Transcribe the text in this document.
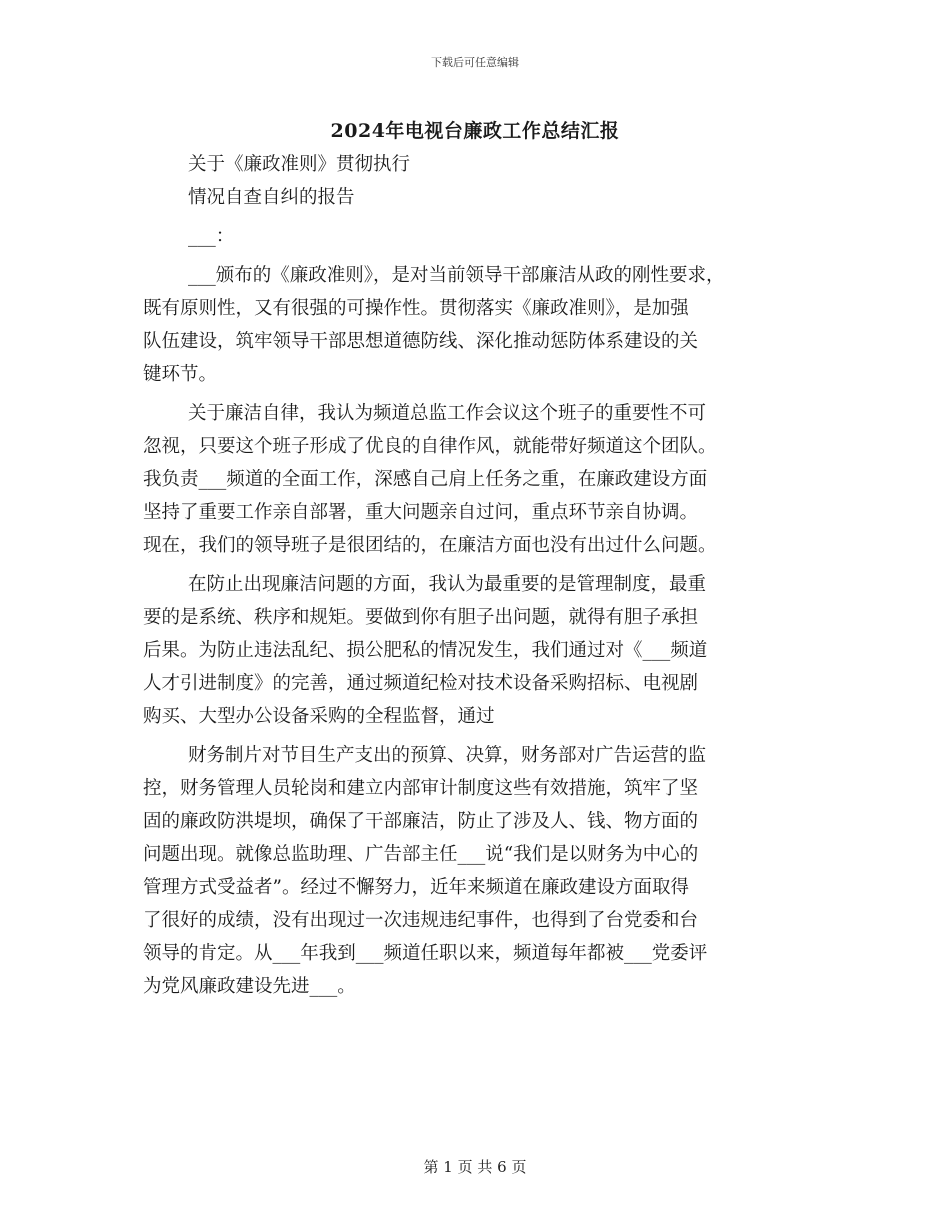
下载后可任意编辑
2024年电视台廉政工作总结汇报
关于《廉政准则》贯彻执行
情况自查自纠的报告
___：
___颁布的《廉政准则》，是对当前领导干部廉洁从政的刚性要求，
既有原则性，又有很强的可操作性。贯彻落实《廉政准则》，是加强
队伍建设，筑牢领导干部思想道德防线、深化推动惩防体系建设的关
键环节。
关于廉洁自律，我认为频道总监工作会议这个班子的重要性不可
忽视，只要这个班子形成了优良的自律作风，就能带好频道这个团队。
我负责___频道的全面工作，深感自己肩上任务之重，在廉政建设方面
坚持了重要工作亲自部署，重大问题亲自过问，重点环节亲自协调。
现在，我们的领导班子是很团结的，在廉洁方面也没有出过什么问题。
在防止出现廉洁问题的方面，我认为最重要的是管理制度，最重
要的是系统、秩序和规矩。要做到你有胆子出问题，就得有胆子承担
后果。为防止违法乱纪、损公肥私的情况发生，我们通过对《___频道
人才引进制度》的完善，通过频道纪检对技术设备采购招标、电视剧
购买、大型办公设备采购的全程监督，通过
财务制片对节目生产支出的预算、决算，财务部对广告运营的监
控，财务管理人员轮岗和建立内部审计制度这些有效措施，筑牢了坚
固的廉政防洪堤坝，确保了干部廉洁，防止了涉及人、钱、物方面的
问题出现。就像总监助理、广告部主任___说“我们是以财务为中心的
管理方式受益者”。经过不懈努力，近年来频道在廉政建设方面取得
了很好的成绩，没有出现过一次违规违纪事件，也得到了台党委和台
领导的肯定。从___年我到___频道任职以来，频道每年都被___党委评
为党风廉政建设先进___。
第 1 页 共 6 页
